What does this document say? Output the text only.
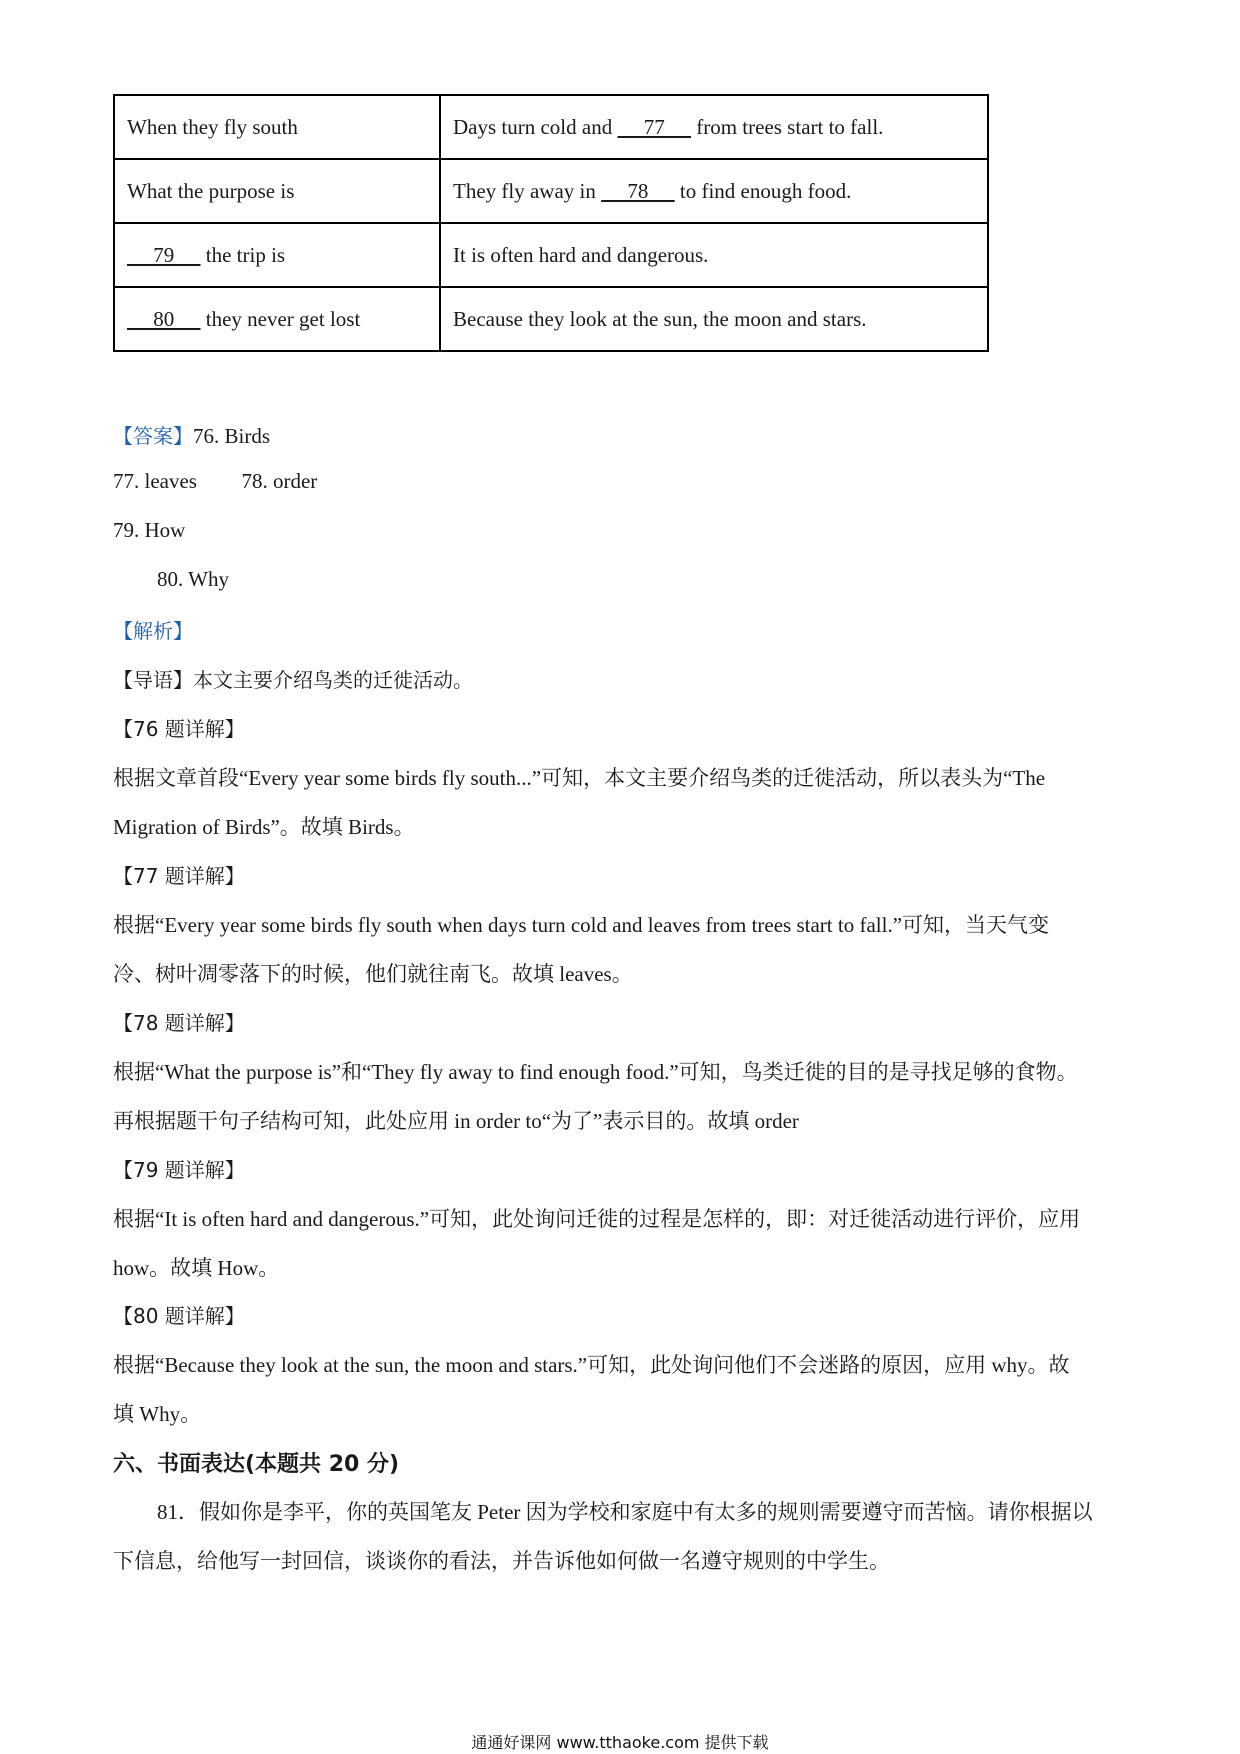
When they fly south	Days turn cold and      77      from trees start to fall.
What the purpose is	They fly away in      78      to find enough food.
79      the trip is	It is often hard and dangerous.
80      they never get lost	Because they look at the sun, the moon and stars.
【答案】76. Birds
77. leaves 78. order
79. How
80. Why
【解析】
【导语】本文主要介绍鸟类的迁徙活动。
【76 题详解】
根据文章首段“Every year some birds fly south...”可知，本文主要介绍鸟类的迁徙活动，所以表头为“The
Migration of Birds”。故填 Birds。
【77 题详解】
根据“Every year some birds fly south when days turn cold and leaves from trees start to fall.”可知，当天气变
冷、树叶凋零落下的时候，他们就往南飞。故填 leaves。
【78 题详解】
根据“What the purpose is”和“They fly away to find enough food.”可知，鸟类迁徙的目的是寻找足够的食物。
再根据题干句子结构可知，此处应用 in order to“为了”表示目的。故填 order
【79 题详解】
根据“It is often hard and dangerous.”可知，此处询问迁徙的过程是怎样的，即：对迁徙活动进行评价，应用
how。故填 How。
【80 题详解】
根据“Because they look at the sun, the moon and stars.”可知，此处询问他们不会迷路的原因，应用 why。故
填 Why。
六、书面表达(本题共 20 分)
81．假如你是李平，你的英国笔友 Peter 因为学校和家庭中有太多的规则需要遵守而苦恼。请你根据以
下信息，给他写一封回信，谈谈你的看法，并告诉他如何做一名遵守规则的中学生。
通通好课网 www.tthaoke.com 提供下载
